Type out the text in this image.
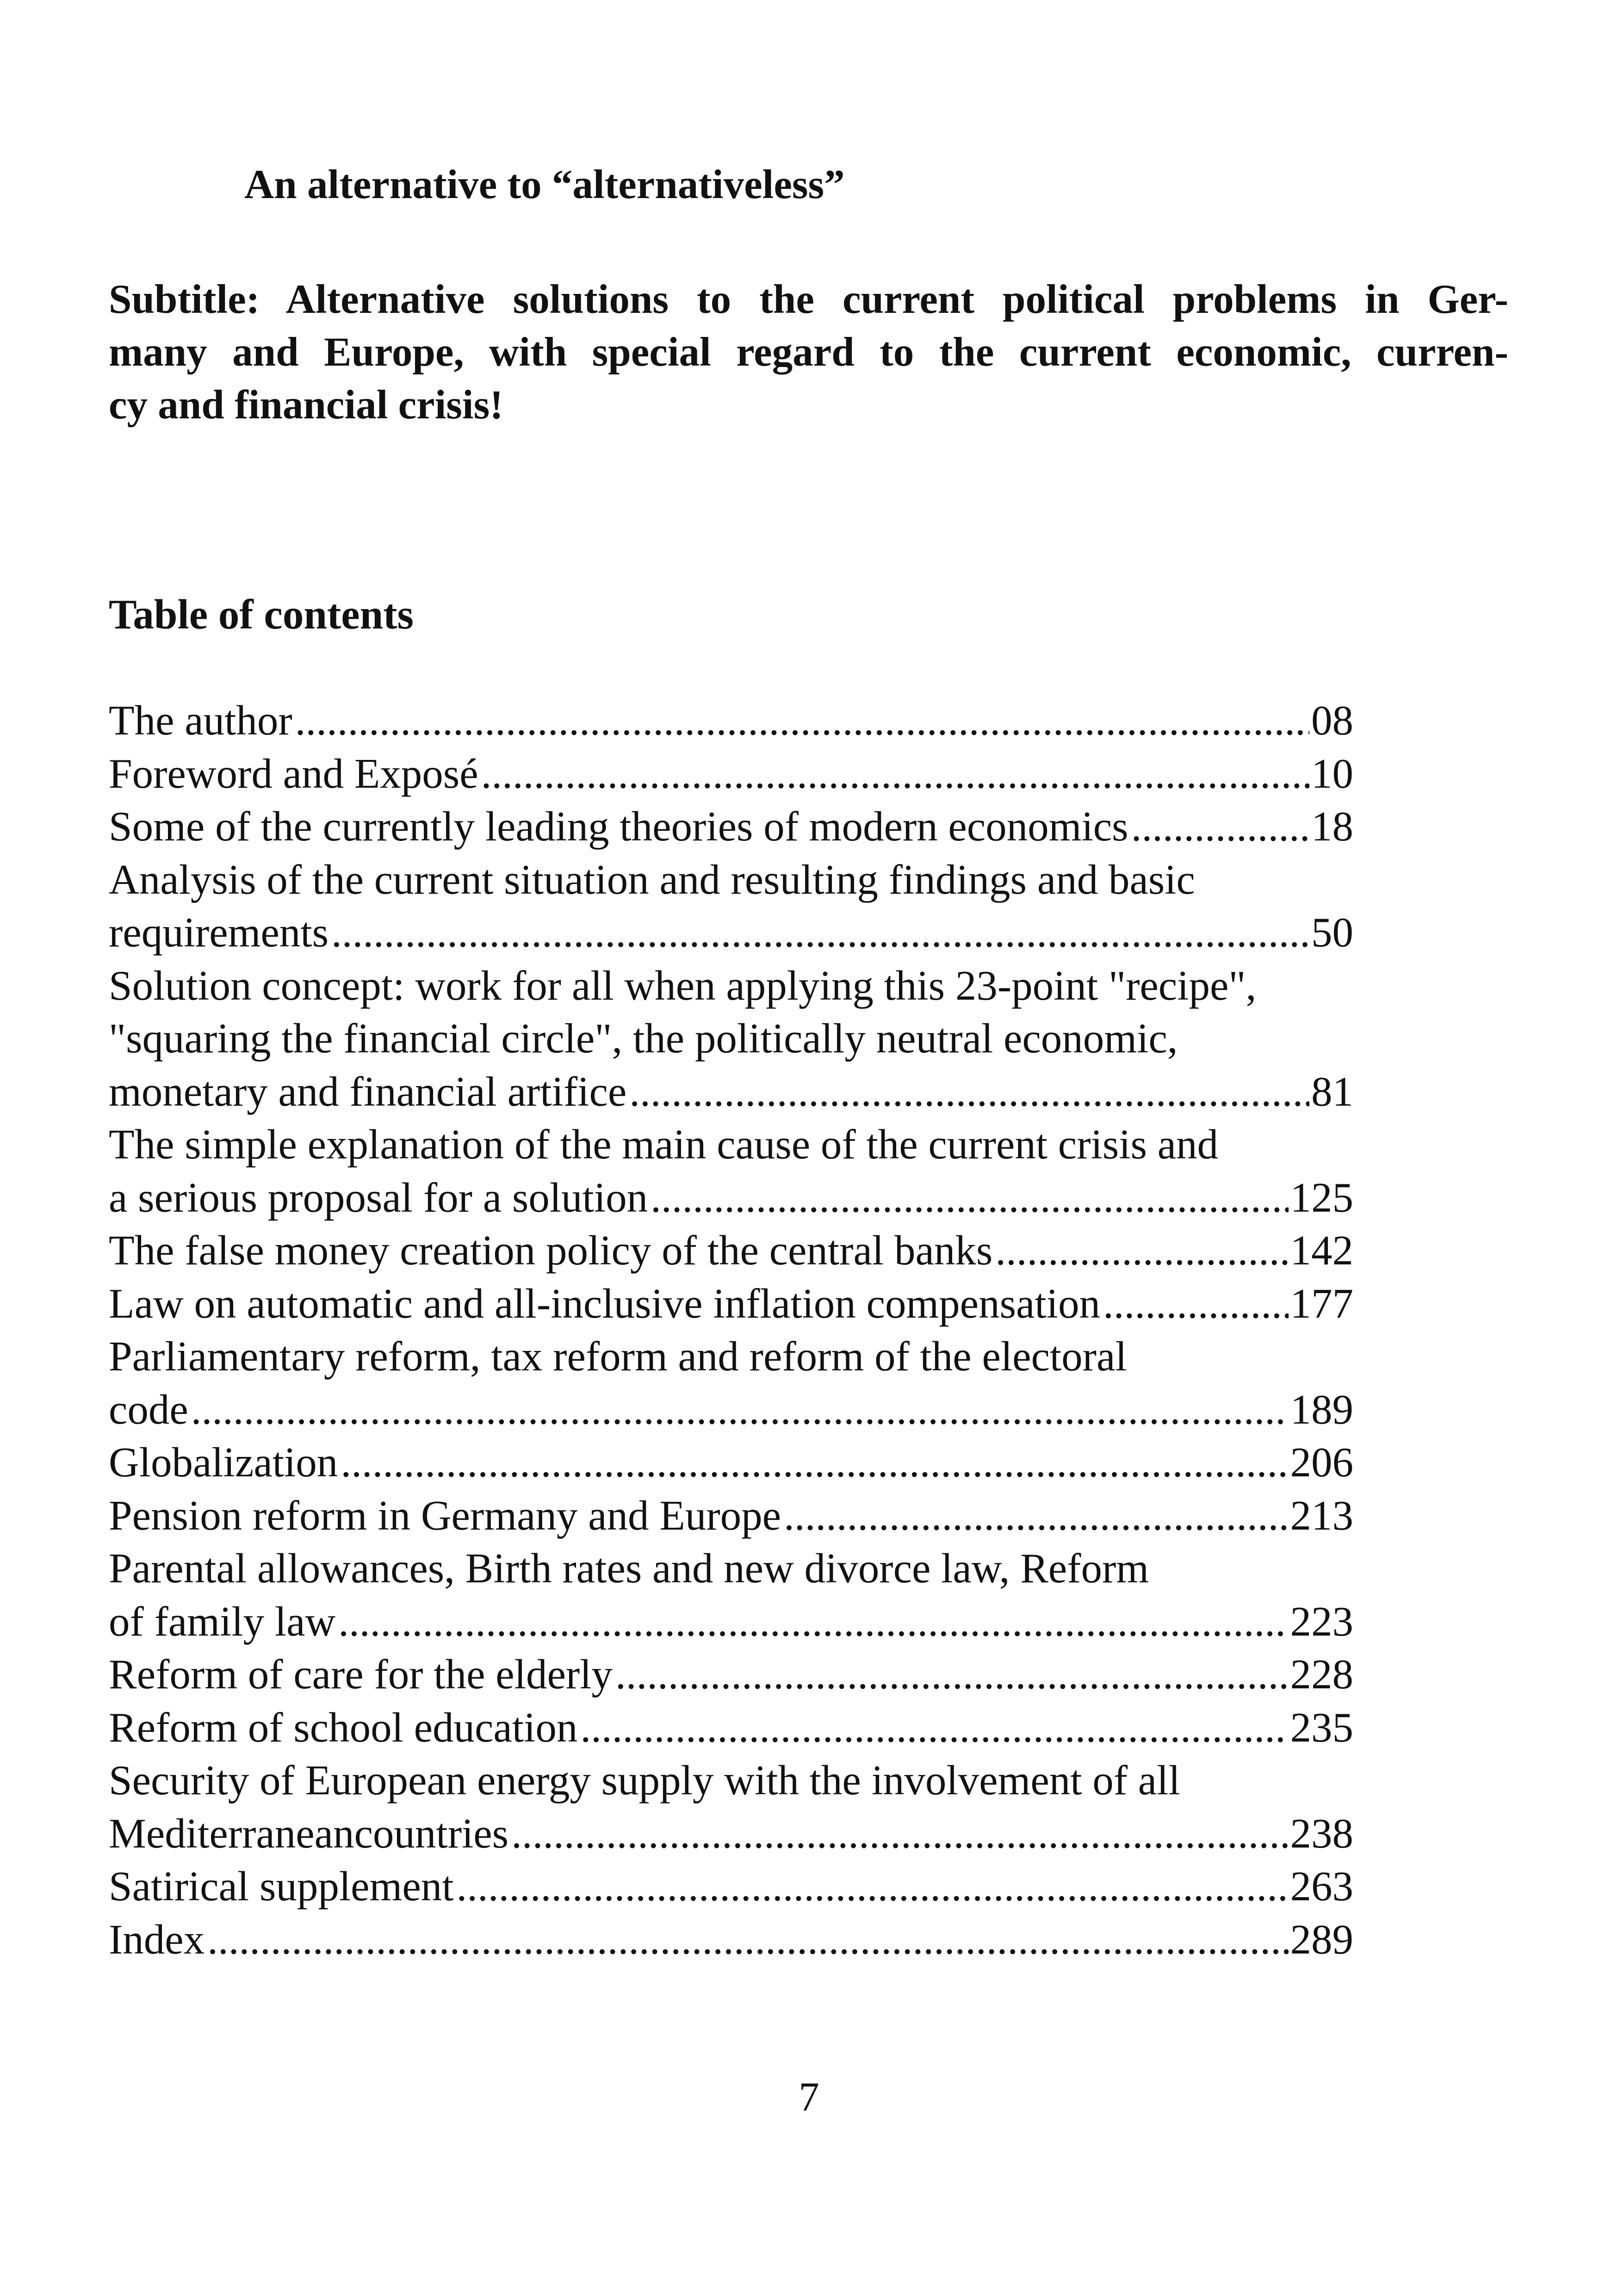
An alternative to “alternativeless”
Subtitle: Alternative solutions to the current political problems in Ger-
many and Europe, with special regard to the current economic, curren-
cy and financial crisis!
Table of contents
The author .....	08
Foreword and Exposé .....	10
Some of the currently leading theories of modern economics .....	18
Analysis of the current situation and resulting findings and basic
requirements .....	50
Solution concept: work for all when applying this 23-point "recipe",
"squaring the financial circle", the politically neutral economic,
monetary and financial artifice .....	81
The simple explanation of the main cause of the current crisis and
a serious proposal for a solution .....	125
The false money creation policy of the central banks .....	142
Law on automatic and all-inclusive inflation compensation .....	177
Parliamentary reform, tax reform and reform of the electoral
code .....	189
Globalization .....	206
Pension reform in Germany and Europe .....	213
Parental allowances, Birth rates and new divorce law, Reform
of family law .....	223
Reform of care for the elderly .....	228
Reform of school education .....	235
Security of European energy supply with the involvement of all
Mediterraneancountries .....	238
Satirical supplement .....	263
Index .....	289

7
